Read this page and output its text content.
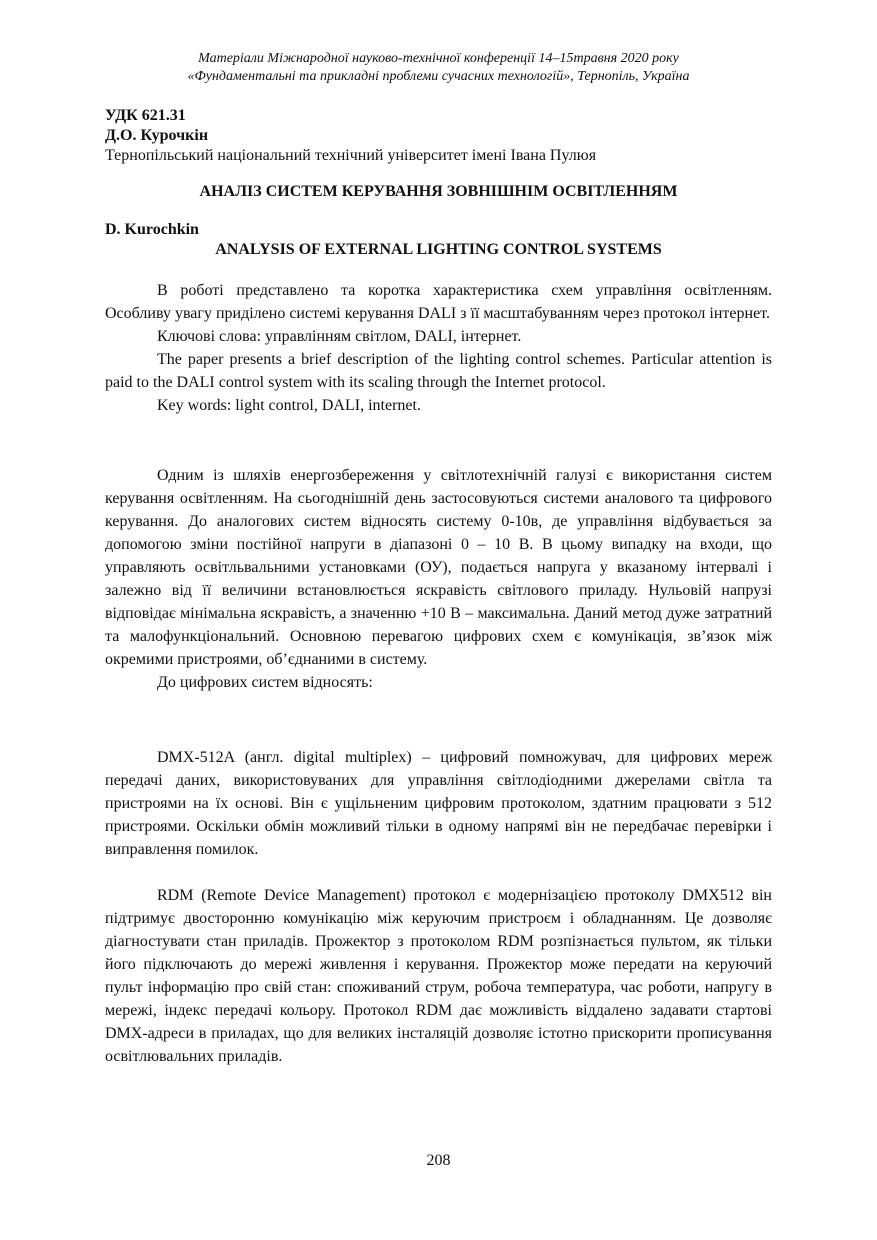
Матеріали Міжнародної науково-технічної конференції 14–15травня 2020 року
«Фундаментальні та прикладні проблеми сучасних технологій», Тернопіль, Україна
УДК 621.31
Д.О. Курочкін
Тернопільський національний технічний університет імені Івана Пулюя
АНАЛІЗ СИСТЕМ КЕРУВАННЯ ЗОВНІШНІМ ОСВІТЛЕННЯМ
D. Kurochkin
ANALYSIS OF EXTERNAL LIGHTING CONTROL SYSTEMS

В роботі представлено та коротка характеристика схем управління освітленням. Особливу увагу приділено системі керування DALI з її масштабуванням через протокол інтернет.

Ключові слова: управлінням світлом, DALI, інтернет.

The paper presents a brief description of the lighting control schemes. Particular attention is paid to the DALI control system with its scaling through the Internet protocol.

Key words: light control, DALI, internet.

Одним із шляхів енергозбереження у світлотехнічній галузі є використання систем керування освітленням. На сьогоднішній день застосовуються системи аналового та цифрового керування. До аналогових систем відносять систему 0-10в, де управління відбувається за допомогою зміни постійної напруги в діапазоні 0 – 10 В. В цьому випадку на входи, що управляють освітльвальними установками (ОУ), подається напруга у вказаному інтервалі і залежно від її величини встановлюється яскравість світлового приладу. Нульовій напрузі відповідає мінімальна яскравість, а значенню +10 В – максимальна. Даний метод дуже затратний та малофункціональний. Основною перевагою цифрових схем є комунікація, зв’язок між окремими пристроями, об’єднаними в систему.

До цифрових систем відносять:

DMX-512A (англ. digital multiplex) – цифровий помножувач, для цифрових мереж передачі даних, використовуваних для управління світлодіодними джерелами світла та пристроями на їх основі. Він є ущільненим цифровим протоколом, здатним працювати з 512 пристроями. Оскільки обмін можливий тільки в одному напрямі він не передбачає перевірки і виправлення помилок.

RDM (Remote Device Management) протокол є модернізацією протоколу DMX512 він підтримує двосторонню комунікацію між керуючим пристроєм і обладнанням. Це дозволяє діагностувати стан приладів. Прожектор з протоколом RDM розпізнається пультом, як тільки його підключають до мережі живлення і керування. Прожектор може передати на керуючий пульт інформацію про свій стан: споживаний струм, робоча температура, час роботи, напругу в мережі, індекс передачі кольору. Протокол RDM дає можливість віддалено задавати стартові DMX-адреси в приладах, що для великих інсталяцій дозволяє істотно прискорити прописування освітлювальних приладів.

208
